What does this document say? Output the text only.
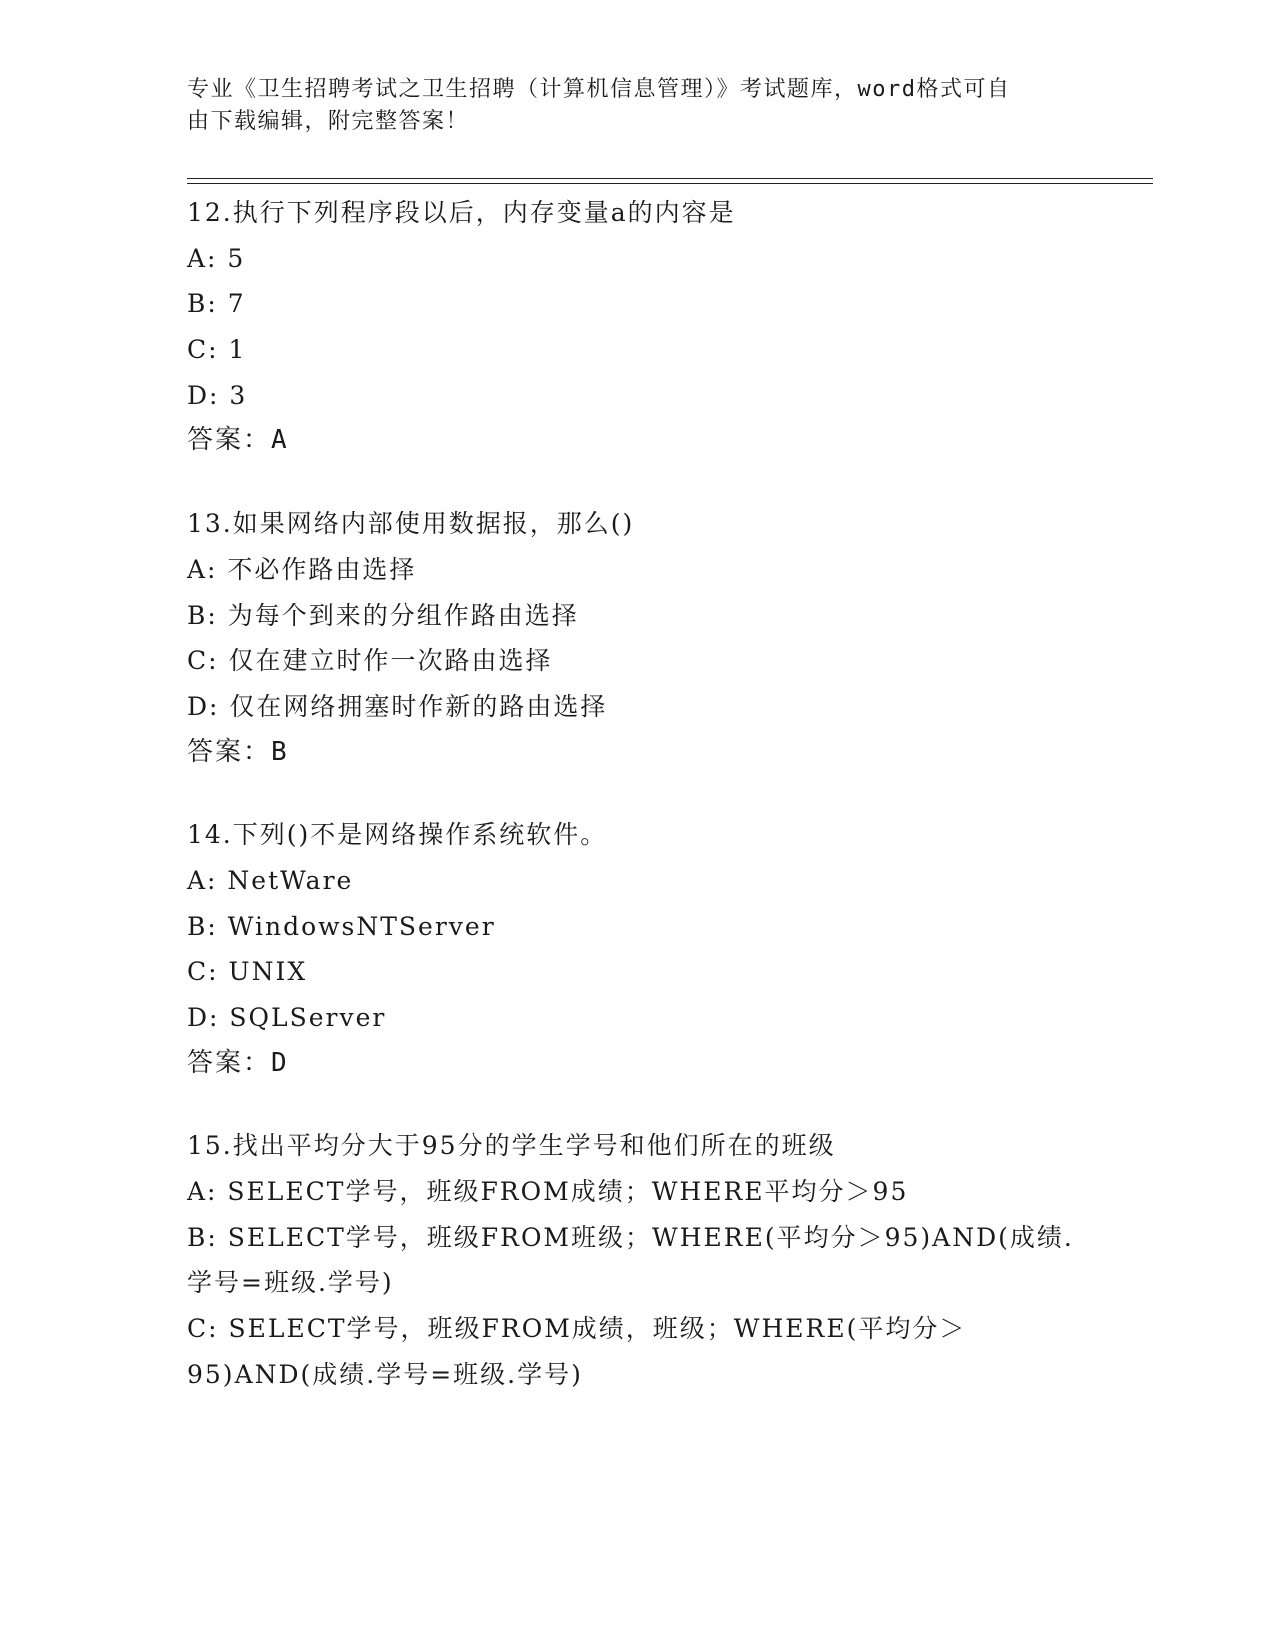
专业《卫生招聘考试之卫生招聘（计算机信息管理）》考试题库，word格式可自
由下载编辑，附完整答案！
12.执行下列程序段以后，内存变量a的内容是
A: 5
B: 7
C: 1
D: 3
答案：A
13.如果网络内部使用数据报，那么()
A: 不必作路由选择
B: 为每个到来的分组作路由选择
C: 仅在建立时作一次路由选择
D: 仅在网络拥塞时作新的路由选择
答案：B
14.下列()不是网络操作系统软件。
A: NetWare
B: WindowsNTServer
C: UNIX
D: SQLServer
答案：D
15.找出平均分大于95分的学生学号和他们所在的班级
A: SELECT学号，班级FROM成绩；WHERE平均分＞95
B: SELECT学号，班级FROM班级；WHERE(平均分＞95)AND(成绩.学号=班级.学号)
C: SELECT学号，班级FROM成绩，班级；WHERE(平均分＞95)AND(成绩.学号=班级.学号)
